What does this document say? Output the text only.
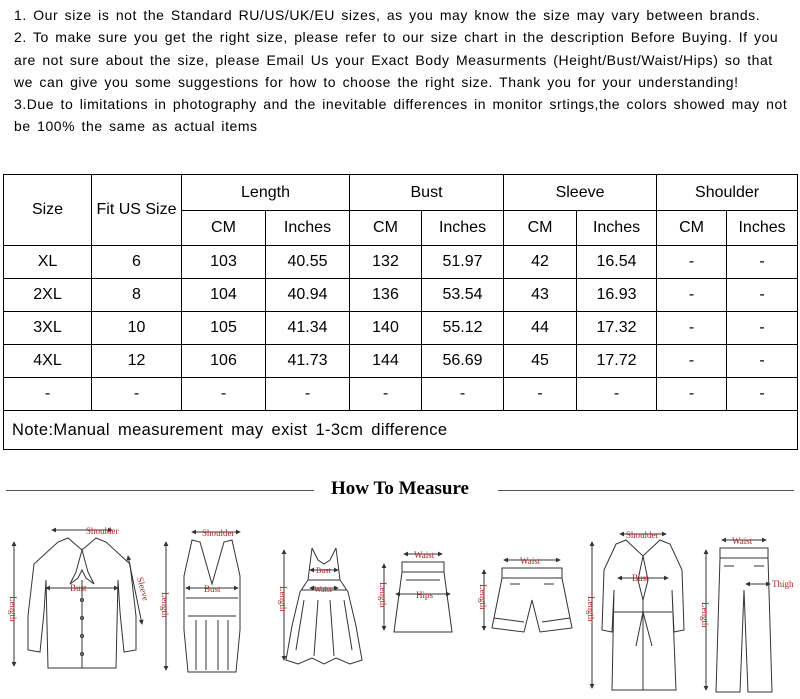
1. Our size is not the Standard RU/US/UK/EU sizes, as you may know the size may vary between brands.

2. To make sure you get the right size, please refer to our size chart in the description Before Buying. If you are not sure about the size, please Email Us your Exact Body Measurments (Height/Bust/Waist/Hips) so that we can give you some suggestions for how to choose the right size. Thank you for your understanding!

3.Due to limitations in photography and the inevitable differences in monitor srtings,the colors showed may not be 100% the same as actual items

Size	Fit US Size	Length		Bust		Sleeve		Shoulder	
		CM	Inches	CM	Inches	CM	Inches	CM	Inches
XL	6	103	40.55	132	51.97	42	16.54	-	-
2XL	8	104	40.94	136	53.54	43	16.93	-	-
3XL	10	105	41.34	140	55.12	44	17.32	-	-
4XL	12	106	41.73	144	56.69	45	17.72	-	-
-	-	-	-	-	-	-	-	-	-
Note:Manual measurement may exist 1-3cm difference									
How To Measure
Shoulder
Bust
Length
Sleeve
Shoulder
Bust
Length
Bust
Waist
Length
Waist
Hips
Length
Waist
Length
Shoulder
Bust
Length
Waist
Thigh
Length
